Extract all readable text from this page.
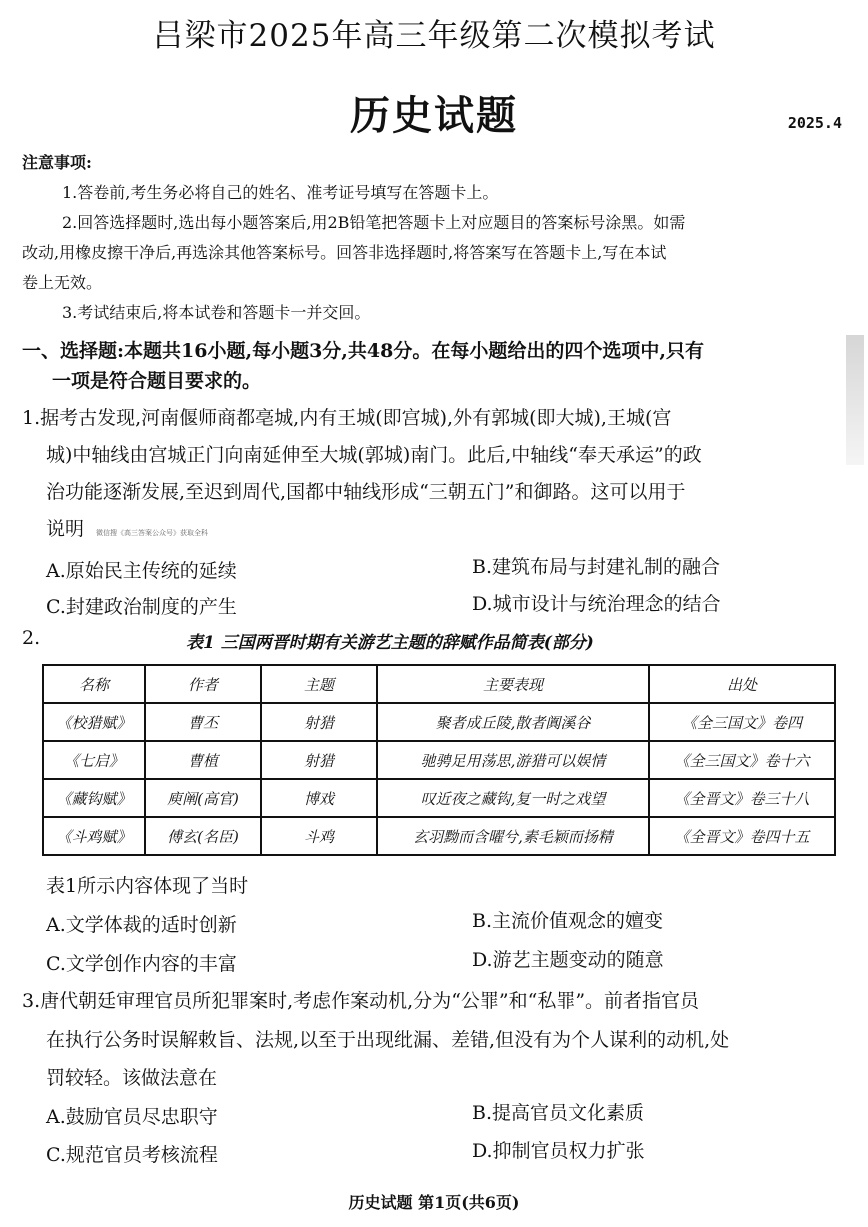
吕梁市2025年高三年级第二次模拟考试
历史试题	2025.4
注意事项:
1.答卷前,考生务必将自己的姓名、准考证号填写在答题卡上。
2.回答选择题时,选出每小题答案后,用2B铅笔把答题卡上对应题目的答案标号涂黑。如需
改动,用橡皮擦干净后,再选涂其他答案标号。回答非选择题时,将答案写在答题卡上,写在本试
卷上无效。
3.考试结束后,将本试卷和答题卡一并交回。
一、选择题:本题共16小题,每小题3分,共48分。在每小题给出的四个选项中,只有
一项是符合题目要求的。
1.据考古发现,河南偃师商都亳城,内有王城(即宫城),外有郭城(即大城),王城(宫
城)中轴线由宫城正门向南延伸至大城(郭城)南门。此后,中轴线“奉天承运”的政
治功能逐渐发展,至迟到周代,国都中轴线形成“三朝五门”和御路。这可以用于
说明 微信搜《高三答案公众号》获取全科
A.原始民主传统的延续	B.建筑布局与封建礼制的融合
C.封建政治制度的产生	D.城市设计与统治理念的结合
2.	表1 三国两晋时期有关游艺主题的辞赋作品简表(部分)
名称	作者	主题	主要表现	出处
《校猎赋》	曹丕	射猎	聚者成丘陵,散者阗溪谷	《全三国文》卷四
《七启》	曹植	射猎	驰骋足用荡思,游猎可以娱情	《全三国文》卷十六
《藏钩赋》	庾阐(高官)	博戏	叹近夜之藏钩,复一时之戏望	《全晋文》卷三十八
《斗鸡赋》	傅玄(名臣)	斗鸡	玄羽黝而含曜兮,素毛颖而扬精	《全晋文》卷四十五
表1所示内容体现了当时
A.文学体裁的适时创新	B.主流价值观念的嬗变
C.文学创作内容的丰富	D.游艺主题变动的随意
3.唐代朝廷审理官员所犯罪案时,考虑作案动机,分为“公罪”和“私罪”。前者指官员
在执行公务时误解敕旨、法规,以至于出现纰漏、差错,但没有为个人谋利的动机,处
罚较轻。该做法意在
A.鼓励官员尽忠职守	B.提高官员文化素质
C.规范官员考核流程	D.抑制官员权力扩张
历史试题 第1页(共6页)
